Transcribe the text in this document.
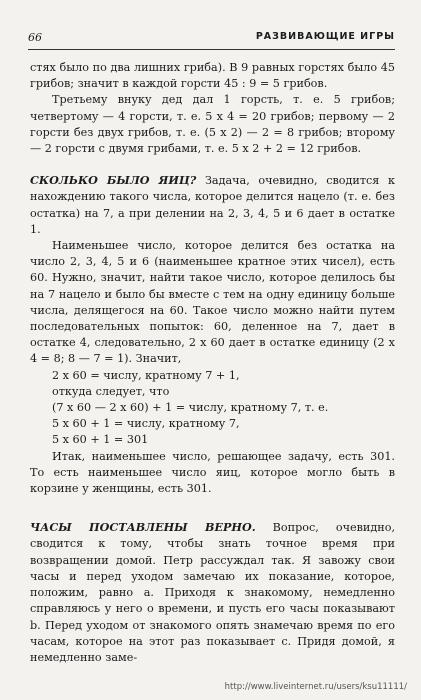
66	РАЗВИВАЮЩИЕ ИГРЫ

стях было по два лишних гриба). В 9 равных горстях было 45 грибов; значит в каждой горсти 45 : 9 = 5 грибов.

Третьему внуку дед дал 1 горсть, т. е. 5 грибов; четвертому — 4 горсти, т. е. 5 х 4 = 20 грибов; первому — 2 горсти без двух грибов, т. е. (5 х 2) — 2 = 8 грибов; второму — 2 горсти с двумя грибами, т. е. 5 х 2 + 2 = 12 грибов.

СКОЛЬКО БЫЛО ЯИЦ? Задача, очевидно, сводится к нахождению такого числа, которое делится нацело (т. е. без остатка) на 7, а при делении на 2, 3, 4, 5 и 6 дает в остатке 1.

Наименьшее число, которое делится без остатка на число 2, 3, 4, 5 и 6 (наименьшее кратное этих чисел), есть 60. Нужно, значит, найти такое число, которое делилось бы на 7 нацело и было бы вместе с тем на одну единицу больше числа, делящегося на 60. Такое число можно найти путем последовательных попыток: 60, деленное на 7, дает в остатке 4, следовательно, 2 х 60 дает в остатке единицу (2 х 4 = 8; 8 — 7 = 1). Значит,

2 х 60 = числу, кратному 7 + 1,

откуда следует, что

(7 х 60 — 2 х 60) + 1 = числу, кратному 7, т. е.

5 х 60 + 1 = числу, кратному 7,

5 х 60 + 1 = 301

Итак, наименьшее число, решающее задачу, есть 301. То есть наименьшее число яиц, которое могло быть в корзине у женщины, есть 301.

ЧАСЫ ПОСТАВЛЕНЫ ВЕРНО. Вопрос, очевидно, сводится к тому, чтобы знать точное время при возвращении домой. Петр рассуждал так. Я завожу свои часы и перед уходом замечаю их показание, которое, положим, равно а. Приходя к знакомому, немедленно справляюсь у него о времени, и пусть его часы показывают b. Перед уходом от знакомого опять знамечаю время по его часам, которое на этот раз показывает с. Придя домой, я немедленно заме-

http://www.liveinternet.ru/users/ksu11111/
